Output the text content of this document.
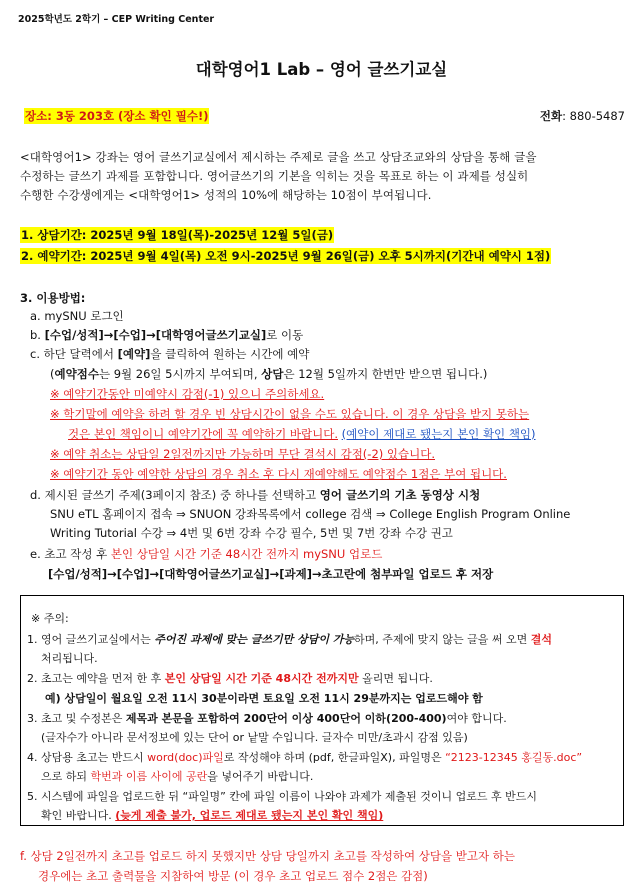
2025학년도 2학기 – CEP Writing Center
대학영어1 Lab – 영어 글쓰기교실
장소: 3동 203호 (장소 확인 필수!)	전화: 880-5487
<대학영어1> 강좌는 영어 글쓰기교실에서 제시하는 주제로 글을 쓰고 상담조교와의 상담을 통해 글을
수정하는 글쓰기 과제를 포함합니다. 영어글쓰기의 기본을 익히는 것을 목표로 하는 이 과제를 성실히
수행한 수강생에게는 <대학영어1> 성적의 10%에 해당하는 10점이 부여됩니다.
1. 상담기간: 2025년 9월 18일(목)-2025년 12월 5일(금)
2. 예약기간: 2025년 9월 4일(목) 오전 9시-2025년 9월 26일(금) 오후 5시까지(기간내 예약시 1점)
3. 이용방법:
a. mySNU 로그인
b. [수업/성적]→[수업]→[대학영어글쓰기교실]로 이동
c. 하단 달력에서 [예약]을 클릭하여 원하는 시간에 예약
(예약점수는 9월 26일 5시까지 부여되며, 상담은 12월 5일까지 한번만 받으면 됩니다.)
※ 예약기간동안 미예약시 감점(-1) 있으니 주의하세요.
※ 학기말에 예약을 하려 할 경우 빈 상담시간이 없을 수도 있습니다. 이 경우 상담을 받지 못하는
것은 본인 책임이니 예약기간에 꼭 예약하기 바랍니다. (예약이 제대로 됐는지 본인 확인 책임)
※ 예약 취소는 상담일 2일전까지만 가능하며 무단 결석시 감점(-2) 있습니다.
※ 예약기간 동안 예약한 상담의 경우 취소 후 다시 재예약해도 예약점수 1점은 부여 됩니다.
d. 제시된 글쓰기 주제(3페이지 참조) 중 하나를 선택하고 영어 글쓰기의 기초 동영상 시청
SNU eTL 홈페이지 접속 ⇒ SNUON 강좌목록에서 college 검색 ⇒ College English Program Online
Writing Tutorial 수강 ⇒ 4번 및 6번 강좌 수강 필수, 5번 및 7번 강좌 수강 권고
e. 초고 작성 후 본인 상담일 시간 기준 48시간 전까지 mySNU 업로드
[수업/성적]→[수업]→[대학영어글쓰기교실]→[과제]→초고란에 첨부파일 업로드 후 저장
※ 주의:
1. 영어 글쓰기교실에서는 주어진 과제에 맞는 글쓰기만 상담이 가능하며, 주제에 맞지 않는 글을 써 오면 결석
처리됩니다.
2. 초고는 예약을 먼저 한 후 본인 상담일 시간 기준 48시간 전까지만 올리면 됩니다.
예) 상담일이 월요일 오전 11시 30분이라면 토요일 오전 11시 29분까지는 업로드해야 함
3. 초고 및 수정본은 제목과 본문을 포함하여 200단어 이상 400단어 이하(200-400)여야 합니다.
(글자수가 아니라 문서정보에 있는 단어 or 낱말 수입니다. 글자수 미만/초과시 감점 있음)
4. 상담용 초고는 반드시 word(doc)파일로 작성해야 하며 (pdf, 한글파일X), 파일명은 “2123-12345 홍길동.doc”
으로 하되 학번과 이름 사이에 공란을 넣어주기 바랍니다.
5. 시스템에 파일을 업로드한 뒤 “파일명” 칸에 파일 이름이 나와야 과제가 제출된 것이니 업로드 후 반드시
확인 바랍니다. (늦게 제출 불가, 업로드 제대로 됐는지 본인 확인 책임)
f. 상담 2일전까지 초고를 업로드 하지 못했지만 상담 당일까지 초고를 작성하여 상담을 받고자 하는
경우에는 초고 출력물을 지참하여 방문 (이 경우 초고 업로드 점수 2점은 감점)
